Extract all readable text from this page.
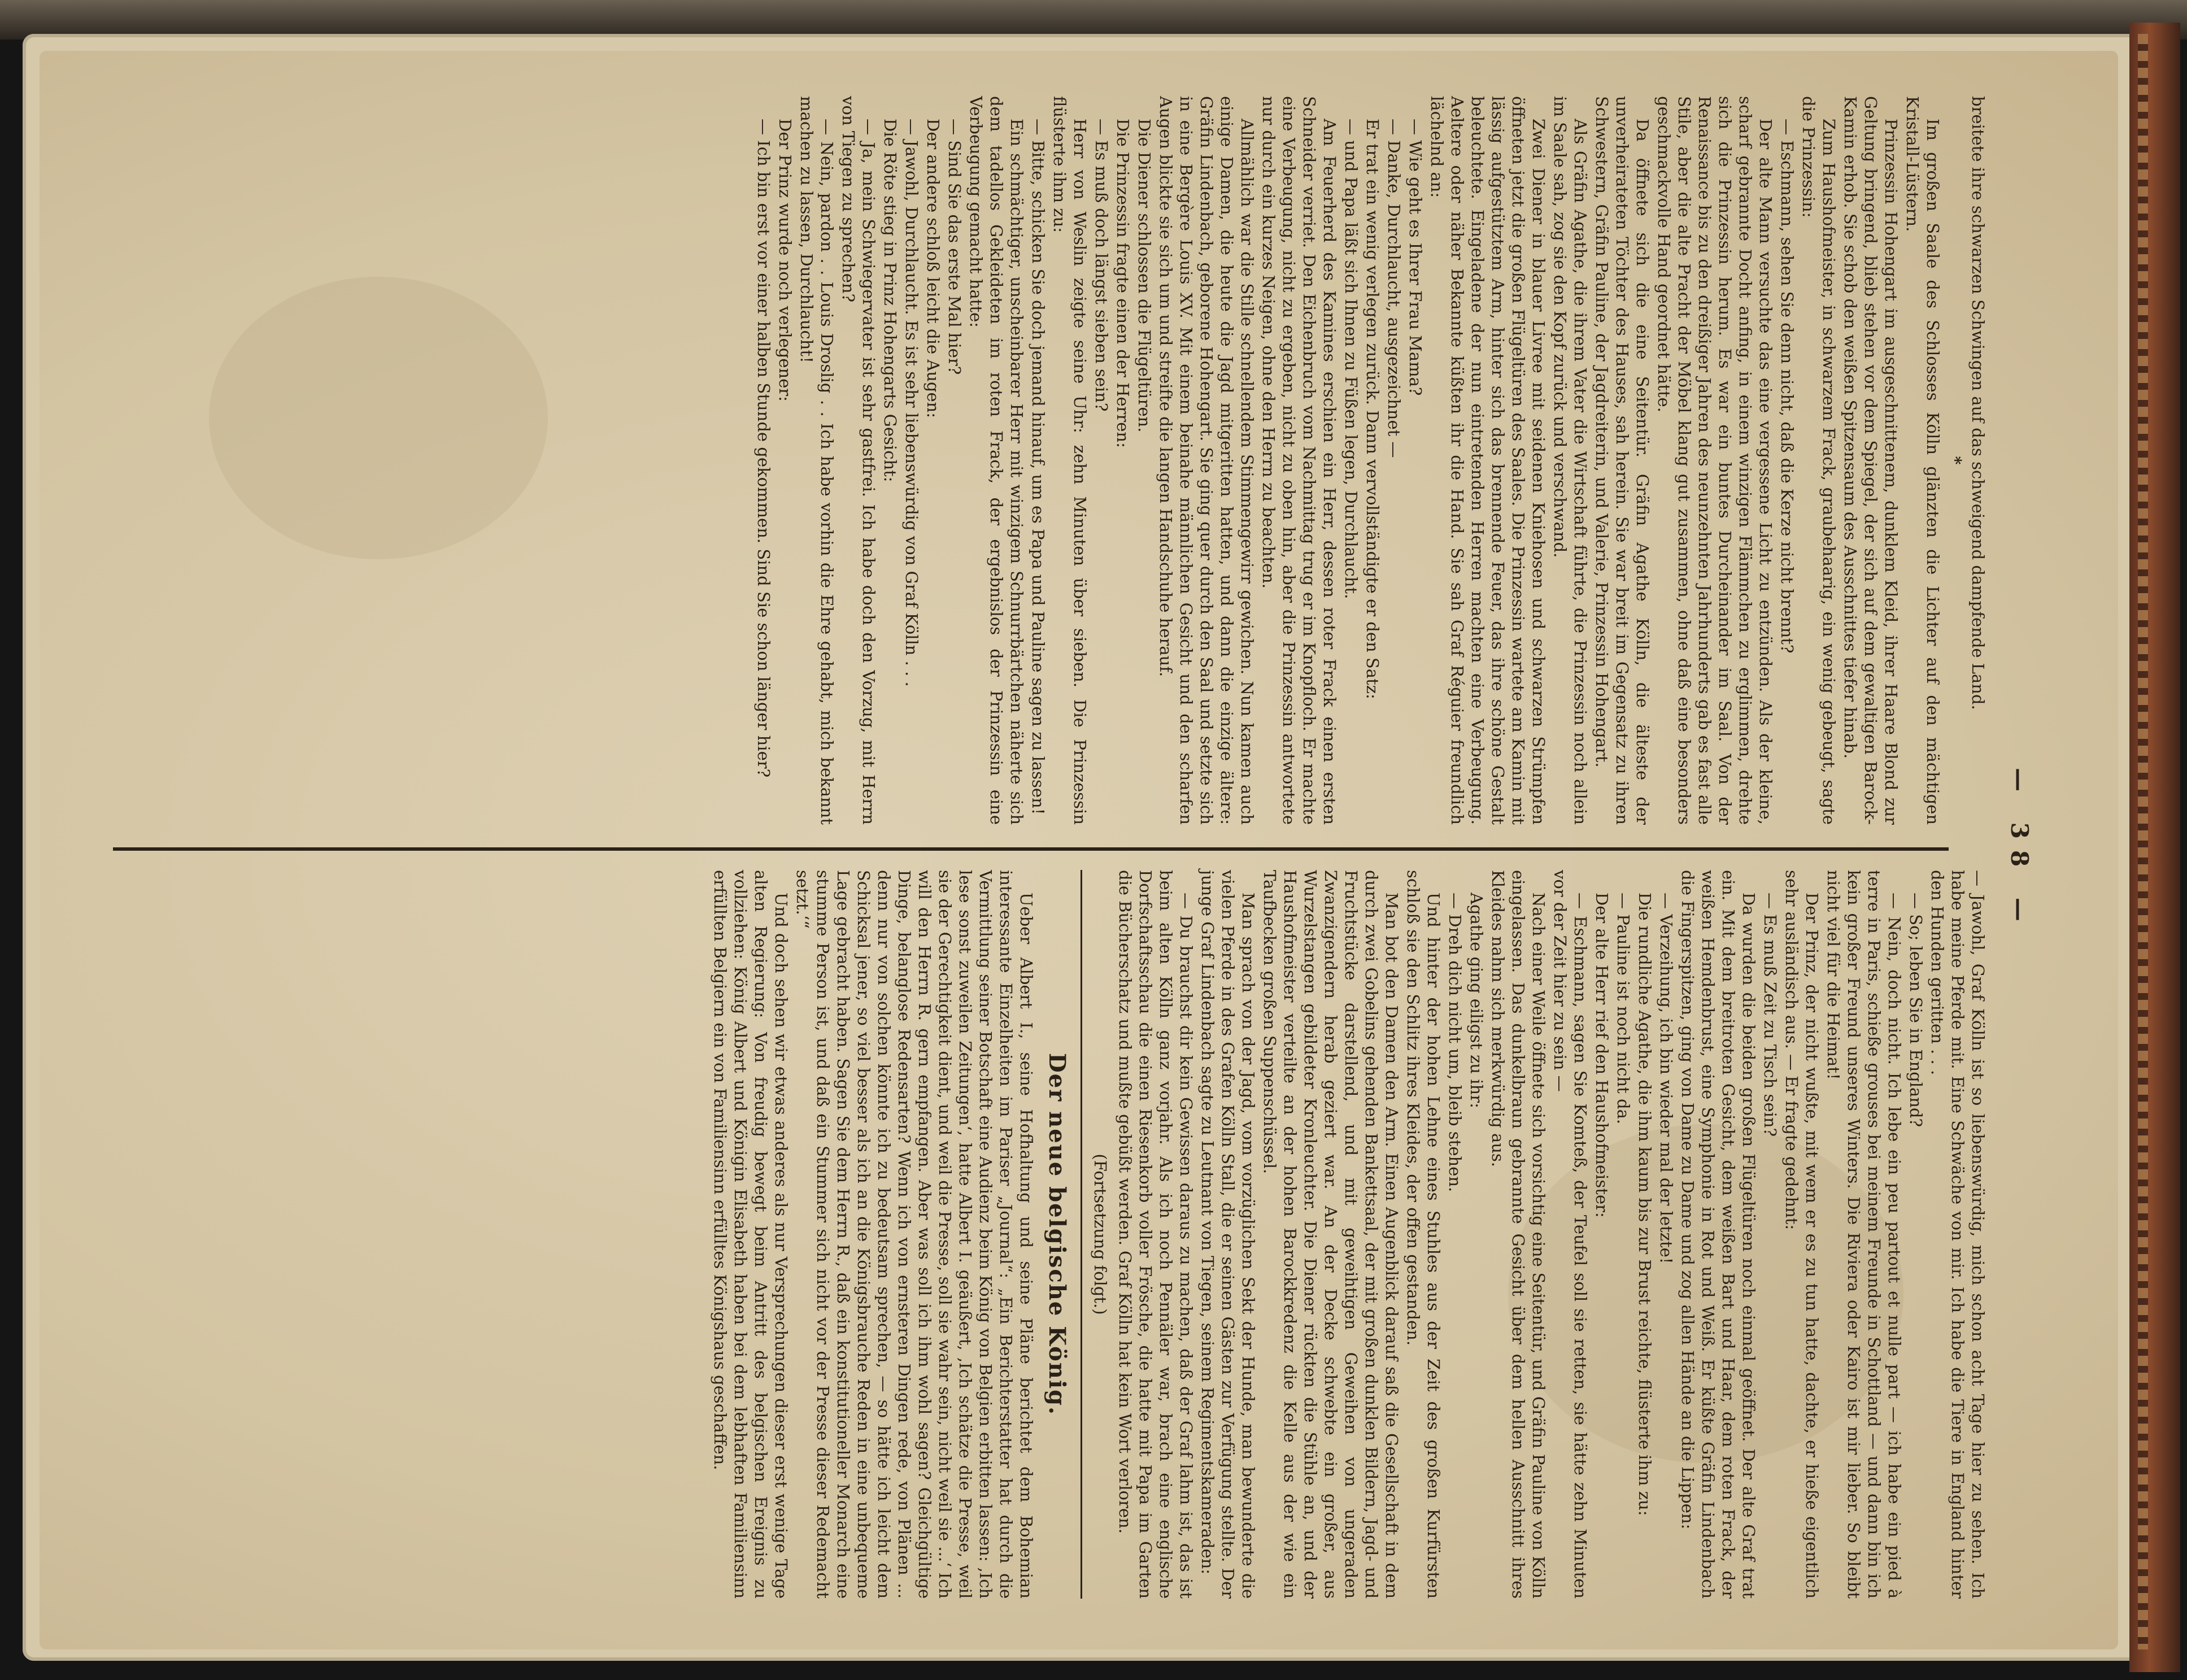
— 38 —

breitete ihre schwarzen Schwingen auf das schweigend dampfende Land.

*

Im großen Saale des Schlosses Kölln glänzten die Lichter auf den mächtigen Kristall-Lüstern.

Prinzessin Hohengart im ausgeschnittenem, dunklem Kleid, ihrer Haare Blond zur Geltung bringend, blieb stehen vor dem Spiegel, der sich auf dem gewaltigen Barock-Kamin erhob. Sie schob den weißen Spitzensaum des Ausschnittes tiefer hinab.

Zum Haushofmeister, in schwarzem Frack, graubehaarig, ein wenig gebeugt, sagte die Prinzessin:

— Eschmann, sehen Sie denn nicht, daß die Kerze nicht brennt?

Der alte Mann versuchte das eine vergessene Licht zu entzünden. Als der kleine, scharf gebrannte Docht anfing, in einem winzigen Flämmchen zu erglimmen, drehte sich die Prinzessin herum. Es war ein buntes Durcheinander im Saal. Von der Renaissance bis zu den dreißiger Jahren des neunzehnten Jahrhunderts gab es fast alle Stile, aber die alte Pracht der Möbel klang gut zusammen, ohne daß eine besonders geschmackvolle Hand geordnet hätte.

Da öffnete sich die eine Seitentür. Gräfin Agathe Kölln, die älteste der unverheirateten Töchter des Hauses, sah herein. Sie war breit im Gegensatz zu ihren Schwestern, Gräfin Pauline, der Jagdreiterin, und Valerie, Prinzessin Hohengart.

Als Gräfin Agathe, die ihrem Vater die Wirtschaft führte, die Prinzessin noch allein im Saale sah, zog sie den Kopf zurück und verschwand.

Zwei Diener in blauer Livree mit seidenen Kniehosen und schwarzen Strümpfen öffneten jetzt die großen Flügeltüren des Saales. Die Prinzessin wartete am Kamin mit lässig aufgestütztem Arm, hinter sich das brennende Feuer, das ihre schöne Gestalt beleuchtete. Eingeladene der nun eintretenden Herren machten eine Verbeugung. Aeltere oder näher Bekannte küßten ihr die Hand. Sie sah Graf Réguier freundlich lächelnd an:

— Wie geht es Ihrer Frau Mama?

— Danke, Durchlaucht, ausgezeichnet —

Er trat ein wenig verlegen zurück. Dann vervollständigte er den Satz:

— und Papa läßt sich Ihnen zu Füßen legen, Durchlaucht.

Am Feuerherd des Kamines erschien ein Herr, dessen roter Frack einen ersten Schneider verriet. Den Eichenbruch vom Nachmittag trug er im Knopfloch. Er machte eine Verbeugung, nicht zu ergeben, nicht zu oben hin, aber die Prinzessin antwortete nur durch ein kurzes Neigen, ohne den Herrn zu beachten.

Allmählich war die Stille schnellendem Stimmengewirr gewichen. Nun kamen auch einige Damen, die heute die Jagd mitgeritten hatten, und dann die einzige ältere: Gräfin Lindenbach, geborene Hohengart. Sie ging quer durch den Saal und setzte sich in eine Bergère Louis XV. Mit einem beinahe männlichen Gesicht und den scharfen Augen blickte sie sich um und streifte die langen Handschuhe herauf.

Die Diener schlossen die Flügeltüren.

Die Prinzessin fragte einen der Herren:

— Es muß doch längst sieben sein?

Herr von Weslin zeigte seine Uhr: zehn Minuten über sieben. Die Prinzessin flüsterte ihm zu:

— Bitte, schicken Sie doch jemand hinauf, um es Papa und Pauline sagen zu lassen!

Ein schmächtiger, unscheinbarer Herr mit winzigem Schnurrbärtchen näherte sich dem tadellos Gekleideten im roten Frack, der ergebnislos der Prinzessin eine Verbeugung gemacht hatte:

— Sind Sie das erste Mal hier?

Der andere schloß leicht die Augen:

— Jawohl, Durchlaucht. Es ist sehr liebenswürdig von Graf Kölln . . .

Die Röte stieg in Prinz Hohengarts Gesicht:

— Ja, mein Schwiegervater ist sehr gastfrei. Ich habe doch den Vorzug, mit Herrn von Tiegen zu sprechen?

— Nein, pardon . . Louis Droslig . . Ich habe vorhin die Ehre gehabt, mich bekannt machen zu lassen, Durchlaucht!

Der Prinz wurde noch verlegener:

— Ich bin erst vor einer halben Stunde gekommen. Sind Sie schon länger hier?

— Jawohl, Graf Kölln ist so liebenswürdig, mich schon acht Tage hier zu sehen. Ich habe meine Pferde mit. Eine Schwäche von mir. Ich habe die Tiere in England hinter den Hunden geritten . . .

— So; leben Sie in England?

— Nein, doch nicht. Ich lebe ein peu partout et nulle part — ich habe ein pied à terre in Paris, schieße grouses bei meinem Freunde in Schottland — und dann bin ich kein großer Freund unseres Winters. Die Riviera oder Kairo ist mir lieber. So bleibt nicht viel für die Heimat!

Der Prinz, der nicht wußte, mit wem er es zu tun hatte, dachte, er hieße eigentlich sehr ausländisch aus. — Er fragte gedehnt:

— Es muß Zeit zu Tisch sein?

Da wurden die beiden großen Flügeltüren noch einmal geöffnet. Der alte Graf trat ein. Mit dem breitroten Gesicht, dem weißen Bart und Haar, dem roten Frack, der weißen Hemdenbrust, eine Symphonie in Rot und Weiß. Er küßte Gräfin Lindenbach die Fingerspitzen, ging von Dame zu Dame und zog allen Hände an die Lippen:

— Verzeihung, ich bin wieder mal der letzte!

Die rundliche Agathe, die ihm kaum bis zur Brust reichte, flüsterte ihm zu:

— Pauline ist noch nicht da.

Der alte Herr rief den Haushofmeister:

— Eschmann, sagen Sie Komteß, der Teufel soll sie retten, sie hätte zehn Minuten vor der Zeit hier zu sein —

Nach einer Weile öffnete sich vorsichtig eine Seitentür, und Gräfin Pauline von Kölln eingelassen. Das dunkelbraun gebrannte Gesicht über dem hellen Ausschnitt ihres Kleides nahm sich merkwürdig aus.

Agathe ging eiligst zu ihr:

— Dreh dich nicht um, bleib stehen.

Und hinter der hohen Lehne eines Stuhles aus der Zeit des großen Kurfürsten schloß sie den Schlitz ihres Kleides, der offen gestanden.

Man bot den Damen den Arm. Einen Augenblick darauf saß die Gesellschaft in dem durch zwei Gobelins gehenden Bankettsaal, der mit großen dunklen Bildern, Jagd- und Fruchtstücke darstellend, und mit geweihtigen Geweihen von ungeraden Zwanzigendern herab geziert war. An der Decke schwebte ein großer, aus Wurzelstangen gebildeter Kronleuchter. Die Diener rückten die Stühle an, und der Haushofmeister verteilte an der hohen Barockkredenz die Kelle aus der wie ein Taufbecken großen Suppenschüssel.

Man sprach von der Jagd, vom vorzüglichen Sekt der Hunde, man bewunderte die vielen Pferde in des Grafen Kölln Stall, die er seinen Gästen zur Verfügung stellte. Der junge Graf Lindenbach sagte zu Leutnant von Tiegen, seinem Regimentskameraden:

— Du brauchst dir kein Gewissen daraus zu machen, daß der Graf lahm ist, das ist beim alten Kölln ganz vorjahr. Als ich noch Pennäler war, brach eine englische Dorfschaftsschau die einen Riesenkorb voller Frösche, die hatte mit Papa im Garten die Bücherschatz und mußte gebüßt werden. Graf Kölln hat kein Wort verloren.

(Fortsetzung folgt.)

Der neue belgische König.

Ueber Albert I., seine Hofhaltung und seine Pläne berichtet dem Bohemian interessante Einzelheiten im Pariser „Journal“: „Ein Berichterstatter hat durch die Vermittlung seiner Botschaft eine Audienz beim König von Belgien erbitten lassen: ‚Ich lese sonst zuweilen Zeitungen‘, hatte Albert I. geäußert, ‚Ich schätze die Presse, weil sie der Gerechtigkeit dient, und weil die Presse, soll sie wahr sein, nicht weil sie ...‘ Ich will den Herrn R. gern empfangen. Aber was soll ich ihm wohl sagen? Gleichgültige Dinge, belanglose Redensarten? Wenn ich von ernsteren Dingen rede, von Plänen ... denn nur von solchen könnte ich zu bedeutsam sprechen, — so hätte ich leicht dem Schicksal jener, so viel besser als ich an die Königsbrauche Reden in eine unbequeme Lage gebracht haben. Sagen Sie dem Herrn R., daß ein konstitutioneller Monarch eine stumme Person ist, und daß ein Stummer sich nicht vor der Presse dieser Redemacht setzt.‘“

Und doch sehen wir etwas anderes als nur Versprechungen dieser erst wenige Tage alten Regierung: Von freudig bewegt beim Antritt des belgischen Ereignis zu vollziehen: König Albert und Königin Elisabeth haben bei dem lebhaften Familiensinn erfüllten Belgiern ein von Familiensinn erfülltes Königshaus geschaffen.
